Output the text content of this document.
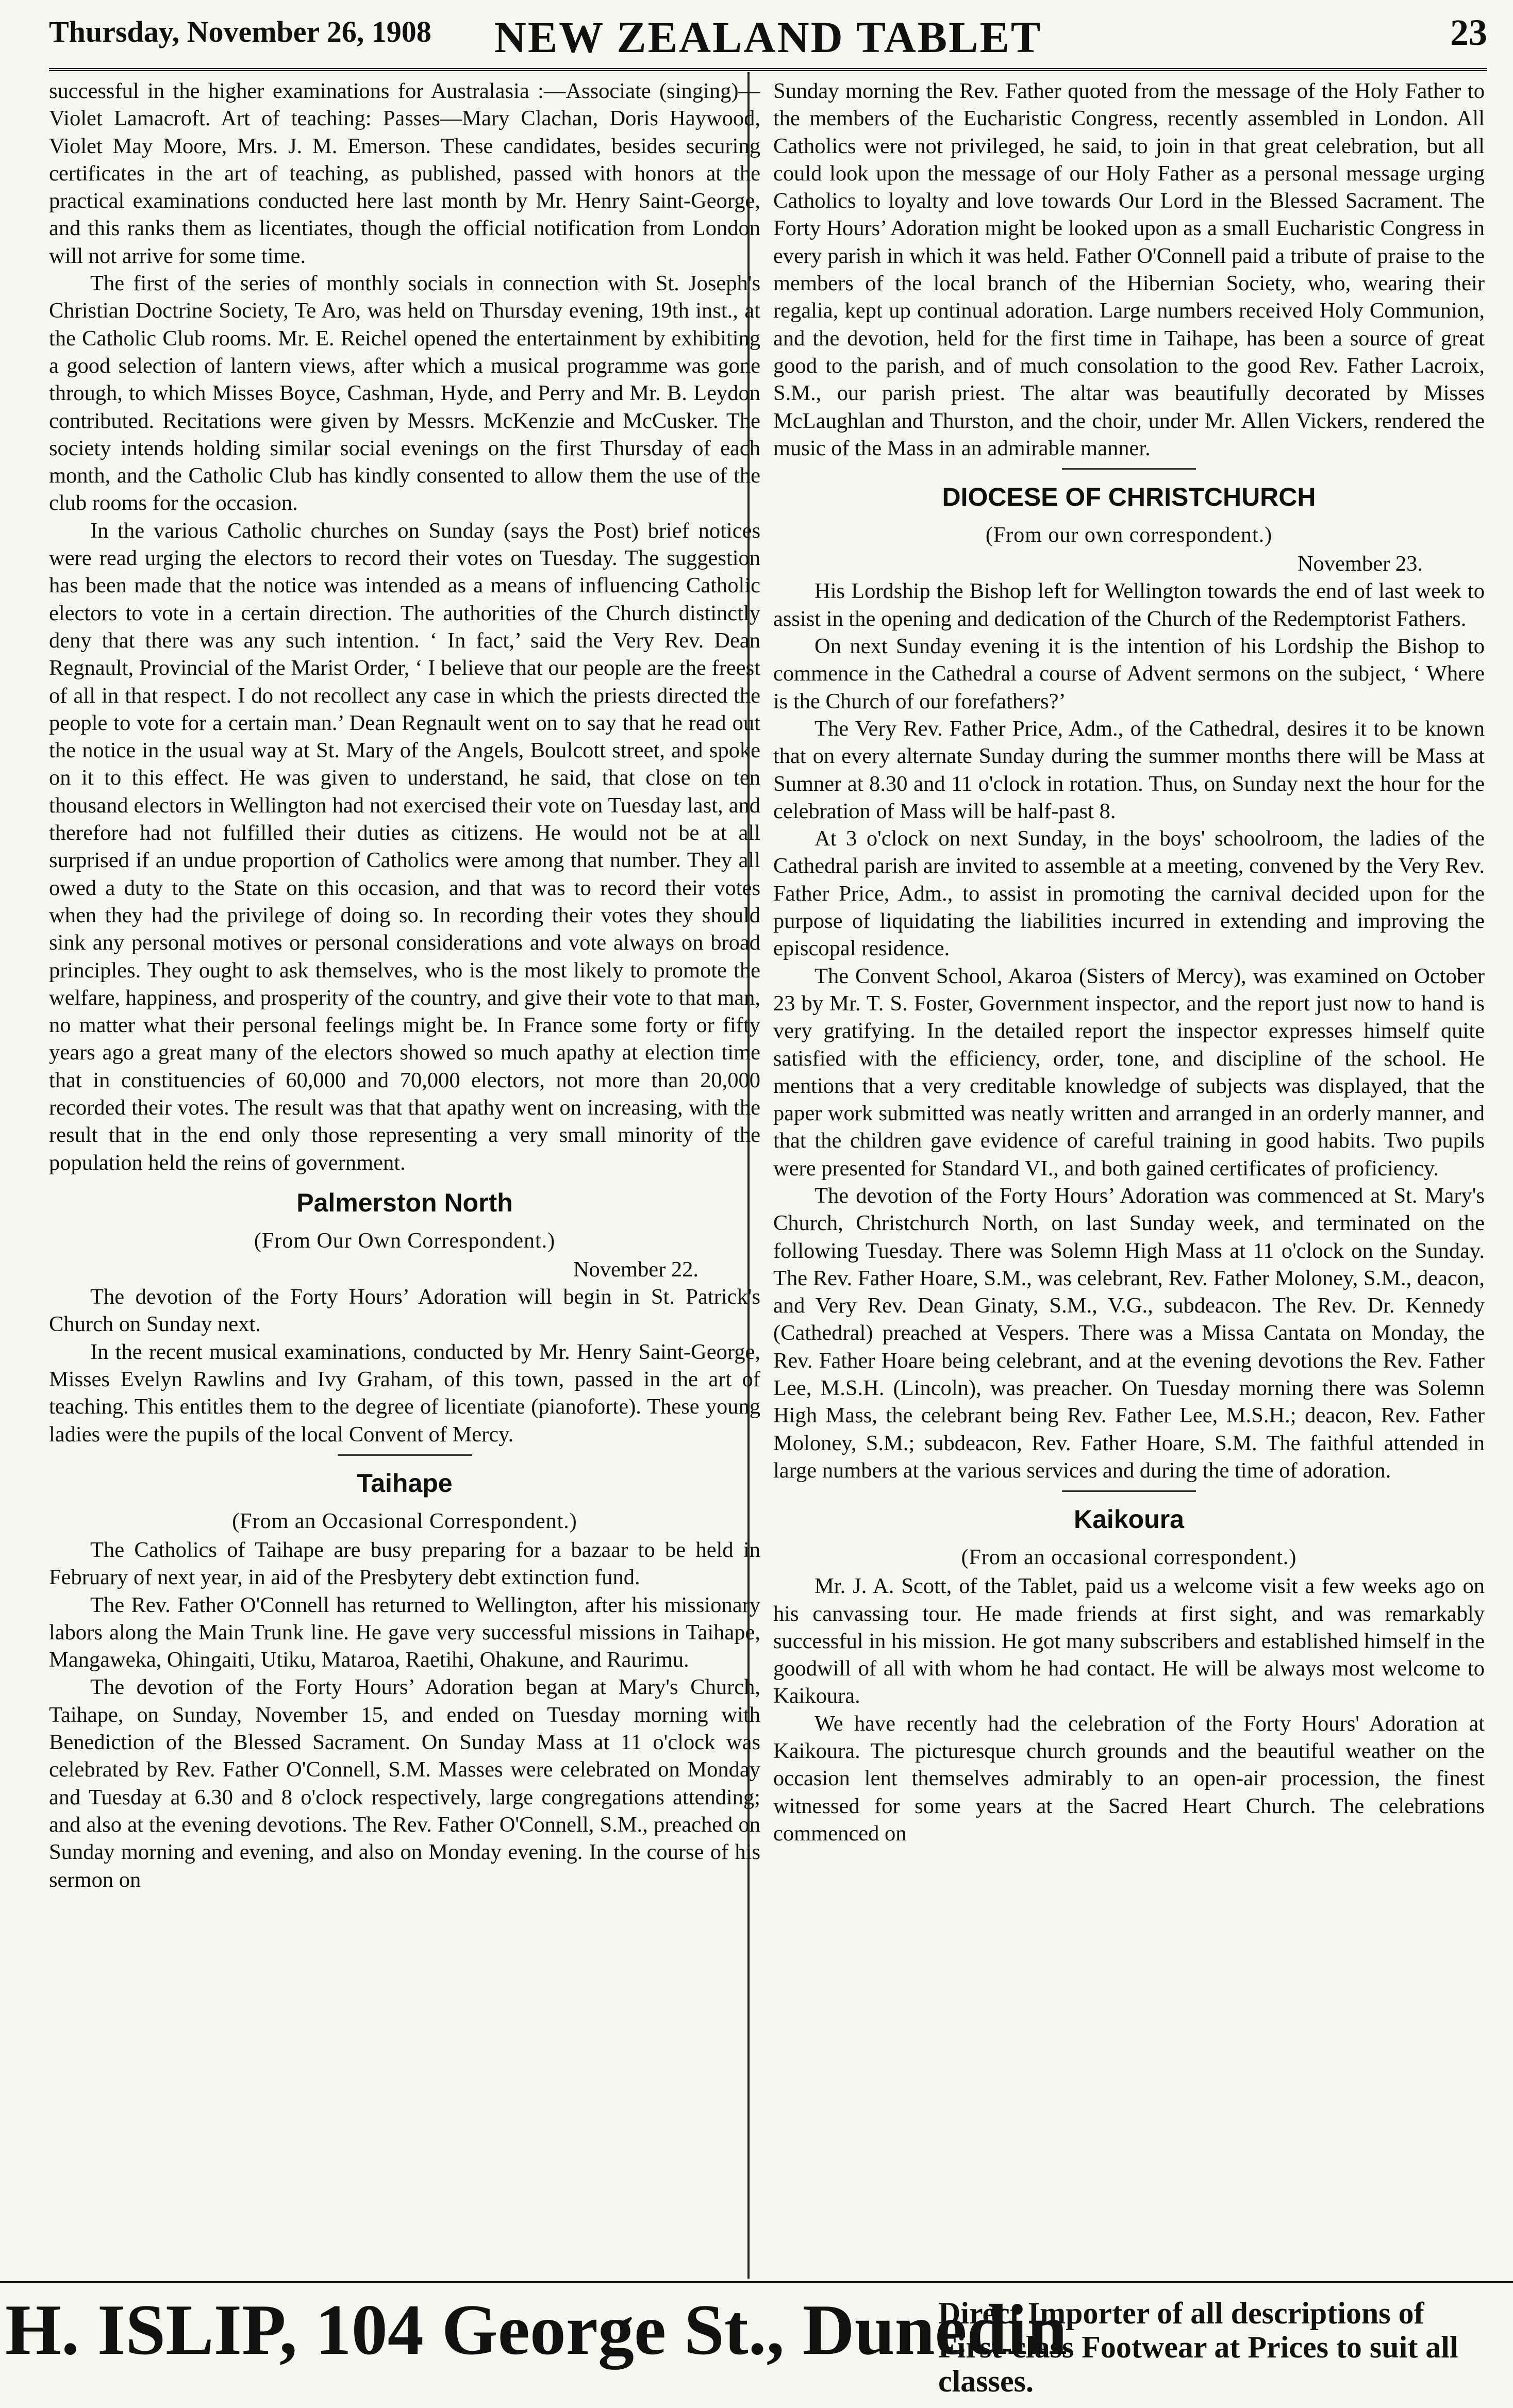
Thursday, November 26, 1908	NEW ZEALAND TABLET	23

successful in the higher examinations for Australasia :—Associate (singing)—Violet Lamacroft. Art of teaching: Passes—Mary Clachan, Doris Haywood, Violet May Moore, Mrs. J. M. Emerson. These candidates, besides securing certificates in the art of teaching, as published, passed with honors at the practical examinations conducted here last month by Mr. Henry Saint-George, and this ranks them as licentiates, though the official notification from London will not arrive for some time.

The first of the series of monthly socials in connection with St. Joseph's Christian Doctrine Society, Te Aro, was held on Thursday evening, 19th inst., at the Catholic Club rooms. Mr. E. Reichel opened the entertainment by exhibiting a good selection of lantern views, after which a musical programme was gone through, to which Misses Boyce, Cashman, Hyde, and Perry and Mr. B. Leydon contributed. Recitations were given by Messrs. McKenzie and McCusker. The society intends holding similar social evenings on the first Thursday of each month, and the Catholic Club has kindly consented to allow them the use of the club rooms for the occasion.

In the various Catholic churches on Sunday (says the Post) brief notices were read urging the electors to record their votes on Tuesday. The suggestion has been made that the notice was intended as a means of influencing Catholic electors to vote in a certain direction. The authorities of the Church distinctly deny that there was any such intention. ‘ In fact,’ said the Very Rev. Dean Regnault, Provincial of the Marist Order, ‘ I believe that our people are the freest of all in that respect. I do not recollect any case in which the priests directed the people to vote for a certain man.’ Dean Regnault went on to say that he read out the notice in the usual way at St. Mary of the Angels, Boulcott street, and spoke on it to this effect. He was given to understand, he said, that close on ten thousand electors in Wellington had not exercised their vote on Tuesday last, and therefore had not fulfilled their duties as citizens. He would not be at all surprised if an undue proportion of Catholics were among that number. They all owed a duty to the State on this occasion, and that was to record their votes when they had the privilege of doing so. In recording their votes they should sink any personal motives or personal considerations and vote always on broad principles. They ought to ask themselves, who is the most likely to promote the welfare, happiness, and prosperity of the country, and give their vote to that man, no matter what their personal feelings might be. In France some forty or fifty years ago a great many of the electors showed so much apathy at election time that in constituencies of 60,000 and 70,000 electors, not more than 20,000 recorded their votes. The result was that that apathy went on increasing, with the result that in the end only those representing a very small minority of the population held the reins of government.

Palmerston North
(From Our Own Correspondent.)
November 22.

The devotion of the Forty Hours’ Adoration will begin in St. Patrick's Church on Sunday next.

In the recent musical examinations, conducted by Mr. Henry Saint-George, Misses Evelyn Rawlins and Ivy Graham, of this town, passed in the art of teaching. This entitles them to the degree of licentiate (pianoforte). These young ladies were the pupils of the local Convent of Mercy.

Taihape
(From an Occasional Correspondent.)

The Catholics of Taihape are busy preparing for a bazaar to be held in February of next year, in aid of the Presbytery debt extinction fund.

The Rev. Father O'Connell has returned to Wellington, after his missionary labors along the Main Trunk line. He gave very successful missions in Taihape, Mangaweka, Ohingaiti, Utiku, Mataroa, Raetihi, Ohakune, and Raurimu.

The devotion of the Forty Hours’ Adoration began at Mary's Church, Taihape, on Sunday, November 15, and ended on Tuesday morning with Benediction of the Blessed Sacrament. On Sunday Mass at 11 o'clock was celebrated by Rev. Father O'Connell, S.M. Masses were celebrated on Monday and Tuesday at 6.30 and 8 o'clock respectively, large congregations attending; and also at the evening devotions. The Rev. Father O'Connell, S.M., preached on Sunday morning and evening, and also on Monday evening. In the course of his sermon on

Sunday morning the Rev. Father quoted from the message of the Holy Father to the members of the Eucharistic Congress, recently assembled in London. All Catholics were not privileged, he said, to join in that great celebration, but all could look upon the message of our Holy Father as a personal message urging Catholics to loyalty and love towards Our Lord in the Blessed Sacrament. The Forty Hours’ Adoration might be looked upon as a small Eucharistic Congress in every parish in which it was held. Father O'Connell paid a tribute of praise to the members of the local branch of the Hibernian Society, who, wearing their regalia, kept up continual adoration. Large numbers received Holy Communion, and the devotion, held for the first time in Taihape, has been a source of great good to the parish, and of much consolation to the good Rev. Father Lacroix, S.M., our parish priest. The altar was beautifully decorated by Misses McLaughlan and Thurston, and the choir, under Mr. Allen Vickers, rendered the music of the Mass in an admirable manner.

DIOCESE OF CHRISTCHURCH
(From our own correspondent.)
November 23.

His Lordship the Bishop left for Wellington towards the end of last week to assist in the opening and dedication of the Church of the Redemptorist Fathers.

On next Sunday evening it is the intention of his Lordship the Bishop to commence in the Cathedral a course of Advent sermons on the subject, ‘ Where is the Church of our forefathers?’

The Very Rev. Father Price, Adm., of the Cathedral, desires it to be known that on every alternate Sunday during the summer months there will be Mass at Sumner at 8.30 and 11 o'clock in rotation. Thus, on Sunday next the hour for the celebration of Mass will be half-past 8.

At 3 o'clock on next Sunday, in the boys' schoolroom, the ladies of the Cathedral parish are invited to assemble at a meeting, convened by the Very Rev. Father Price, Adm., to assist in promoting the carnival decided upon for the purpose of liquidating the liabilities incurred in extending and improving the episcopal residence.

The Convent School, Akaroa (Sisters of Mercy), was examined on October 23 by Mr. T. S. Foster, Government inspector, and the report just now to hand is very gratifying. In the detailed report the inspector expresses himself quite satisfied with the efficiency, order, tone, and discipline of the school. He mentions that a very creditable knowledge of subjects was displayed, that the paper work submitted was neatly written and arranged in an orderly manner, and that the children gave evidence of careful training in good habits. Two pupils were presented for Standard VI., and both gained certificates of proficiency.

The devotion of the Forty Hours’ Adoration was commenced at St. Mary's Church, Christchurch North, on last Sunday week, and terminated on the following Tuesday. There was Solemn High Mass at 11 o'clock on the Sunday. The Rev. Father Hoare, S.M., was celebrant, Rev. Father Moloney, S.M., deacon, and Very Rev. Dean Ginaty, S.M., V.G., subdeacon. The Rev. Dr. Kennedy (Cathedral) preached at Vespers. There was a Missa Cantata on Monday, the Rev. Father Hoare being celebrant, and at the evening devotions the Rev. Father Lee, M.S.H. (Lincoln), was preacher. On Tuesday morning there was Solemn High Mass, the celebrant being Rev. Father Lee, M.S.H.; deacon, Rev. Father Moloney, S.M.; subdeacon, Rev. Father Hoare, S.M. The faithful attended in large numbers at the various services and during the time of adoration.

Kaikoura
(From an occasional correspondent.)

Mr. J. A. Scott, of the Tablet, paid us a welcome visit a few weeks ago on his canvassing tour. He made friends at first sight, and was remarkably successful in his mission. He got many subscribers and established himself in the goodwill of all with whom he had contact. He will be always most welcome to Kaikoura.

We have recently had the celebration of the Forty Hours' Adoration at Kaikoura. The picturesque church grounds and the beautiful weather on the occasion lent themselves admirably to an open-air procession, the finest witnessed for some years at the Sacred Heart Church. The celebrations commenced on

H. ISLIP, 104 George St., Dunedin
Direct Importer of all descriptions of First-class Footwear at Prices to suit all classes.
